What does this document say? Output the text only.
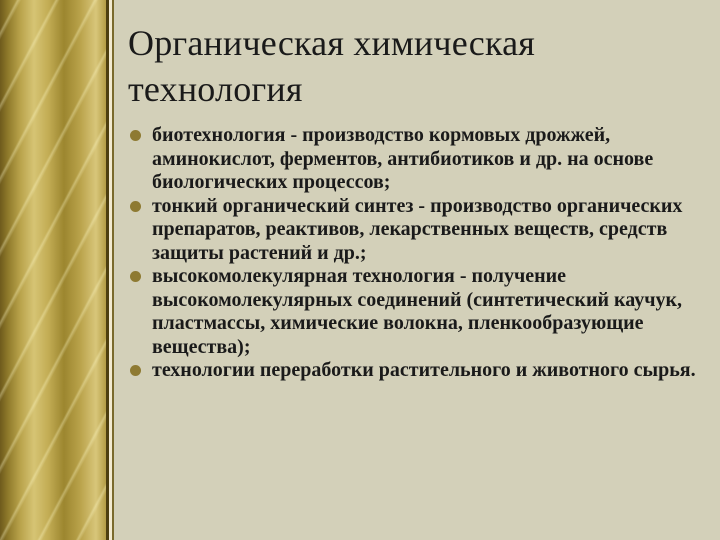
Органическая химическая
технология
биотехнология - производство кормовых дрожжей, аминокислот, ферментов, антибиотиков и др. на основе биологических процессов;
тонкий органический синтез - производство органических препаратов, реактивов, лекарственных веществ, средств защиты растений и др.;
высокомолекулярная технология - получение высокомолекулярных соединений (синтетический каучук, пластмассы, химические волокна, пленкообразующие вещества);
технологии переработки растительного и животного сырья.
